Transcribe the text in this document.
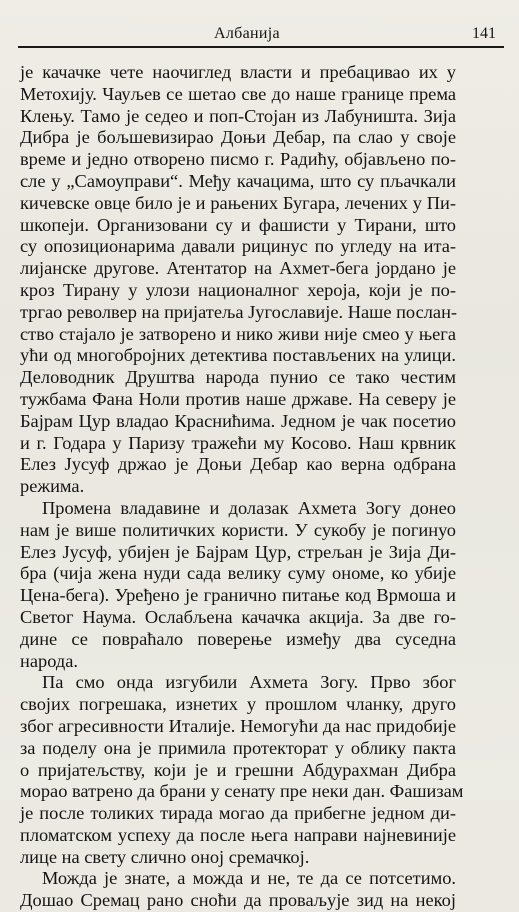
Албанија	141
је качачке чете наочиглед власти и пребацивао их у
Метохију. Чауљев се шетао све до наше границе према
Клењу. Тамо је седео и поп-Стојан из Лабуништа. Зија
Дибра је бољшевизирао Доњи Дебар, па слао у своје
време и једно отворено писмо г. Радићу, објављено по-
сле у „Самоуправи“. Међу качацима, што су пљачкали
кичевске овце било је и рањених Бугара, лечених у Пи-
шкопеји. Организовани су и фашисти у Тирани, што
су опозиционарима давали рицинус по угледу на ита-
лијанске другове. Атентатор на Ахмет-бега јордано је
кроз Тирану у улози националног хероја, који је по-
тргао револвер на пријатеља Југославије. Наше послан-
ство стајало је затворено и нико живи није смео у њега
ући од многобројних детектива постављених на улици.
Деловодник Друштва народа пунио се тако честим
тужбама Фана Ноли против наше државе. На северу је
Бајрам Цур владао Краснићима. Једном је чак посетио
и г. Годара у Паризу тражећи му Косово. Наш крвник
Елез Јусуф држао је Доњи Дебар као верна одбрана
режима.
Промена владавине и долазак Ахмета Зогу донео
нам је више политичких користи. У сукобу је погинуо
Елез Јусуф, убијен је Бајрам Цур, стрељан је Зија Ди-
бра (чија жена нуди сада велику суму ономе, ко убије
Цена-бега). Уређено је гранично питање код Врмоша и
Светог Наума. Ослабљена качачка акција. За две го-
дине се повраћало поверење између два суседна
народа.
Па смо онда изгубили Ахмета Зогу. Прво због
својих погрешака, изнетих у прошлом чланку, друго
због агресивности Италије. Немогући да нас придобије
за поделу она је примила протекторат у облику пакта
о пријатељству, који је и грешни Абдурахман Дибра
морао ватрено да брани у сенату пре неки дан. Фашизам
је после толиких тирада могао да прибегне једном ди-
пломатском успеху да после њега направи најневиније
лице на свету слично оној сремачкој.
Можда је знате, а можда и не, те да се потсетимо.
Дошао Сремац рано сноћи да проваљује зид на некој
